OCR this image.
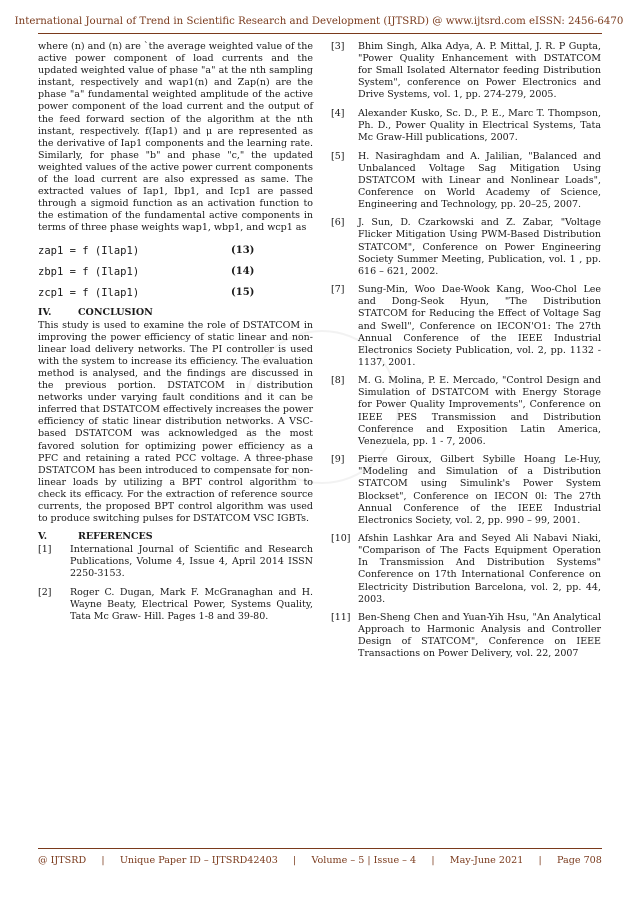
International Journal of Trend in Scientific Research and Development (IJTSRD) @ www.ijtsrd.com eISSN: 2456-6470

where (n) and (n) are `the average weighted value of the active power component of load currents and the updated weighted value of phase "a" at the nth sampling instant, respectively and wap1(n) and Zap(n) are the phase "a" fundamental weighted amplitude of the active power component of the load current and the output of the feed forward section of the algorithm at the nth instant, respectively. f(Iap1) and μ are represented as the derivative of Iap1 components and the learning rate. Similarly, for phase "b" and phase "c," the updated weighted values of the active power current components of the load current are also expressed as same. The extracted values of Iap1, Ibp1, and Icp1 are passed through a sigmoid function as an activation function to the estimation of the fundamental active components in terms of three phase weights wap1, wbp1, and wcp1 as

zap1 = f (Ilap1)	(13)
zbp1 = f (Ilap1)	(14)
zcp1 = f (Ilap1)	(15)
IV.	CONCLUSION

This study is used to examine the role of DSTATCOM in improving the power efficiency of static linear and non-linear load delivery networks. The PI controller is used with the system to increase its efficiency. The evaluation method is analysed, and the findings are discussed in the previous portion. DSTATCOM in distribution networks under varying fault conditions and it can be inferred that DSTATCOM effectively increases the power efficiency of static linear distribution networks. A VSC-based DSTATCOM was acknowledged as the most favored solution for optimizing power efficiency as a PFC and retaining a rated PCC voltage. A three-phase DSTATCOM has been introduced to compensate for non-linear loads by utilizing a BPT control algorithm to check its efficacy. For the extraction of reference source currents, the proposed BPT control algorithm was used to produce switching pulses for DSTATCOM VSC IGBTs.

V.	REFERENCES
[1]	International Journal of Scientific and Research Publications, Volume 4, Issue 4, April 2014 ISSN 2250-3153.
[2]	Roger C. Dugan, Mark F. McGranaghan and H. Wayne Beaty, Electrical Power, Systems Quality, Tata Mc Graw- Hill. Pages 1-8 and 39-80.
[3]	Bhim Singh, Alka Adya, A. P. Mittal, J. R. P Gupta, "Power Quality Enhancement with DSTATCOM for Small Isolated Alternator feeding Distribution System", conference on Power Electronics and Drive Systems, vol. 1, pp. 274-279, 2005.
[4]	Alexander Kusko, Sc. D., P. E., Marc T. Thompson, Ph. D., Power Quality in Electrical Systems, Tata Mc Graw-Hill publications, 2007.
[5]	H. Nasiraghdam and A. Jalilian, "Balanced and Unbalanced Voltage Sag Mitigation Using DSTATCOM with Linear and Nonlinear Loads", Conference on World Academy of Science, Engineering and Technology, pp. 20–25, 2007.
[6]	J. Sun, D. Czarkowski and Z. Zabar, "Voltage Flicker Mitigation Using PWM-Based Distribution STATCOM", Conference on Power Engineering Society Summer Meeting, Publication, vol. 1 , pp. 616 – 621, 2002.
[7]	Sung-Min, Woo Dae-Wook Kang, Woo-Chol Lee and Dong-Seok Hyun, "The Distribution STATCOM for Reducing the Effect of Voltage Sag and Swell", Conference on IECON'O1: The 27th Annual Conference of the IEEE Industrial Electronics Society Publication, vol. 2, pp. 1132 - 1137, 2001.
[8]	M. G. Molina, P. E. Mercado, "Control Design and Simulation of DSTATCOM with Energy Storage for Power Quality Improvements", Conference on IEEE PES Transmission and Distribution Conference and Exposition Latin America, Venezuela, pp. 1 - 7, 2006.
[9]	Pierre Giroux, Gilbert Sybille Hoang Le-Huy, "Modeling and Simulation of a Distribution STATCOM using Simulink's Power System Blockset", Conference on IECON 0l: The 27th Annual Conference of the IEEE Industrial Electronics Society, vol. 2, pp. 990 – 99, 2001.
[10] Afshin Lashkar Ara and Seyed Ali Nabavi Niaki, "Comparison of The Facts Equipment Operation In Transmission And Distribution Systems" Conference on 17th International Conference on Electricity Distribution Barcelona, vol. 2, pp. 44, 2003.
[11] Ben-Sheng Chen and Yuan-Yih Hsu, "An Analytical Approach to Harmonic Analysis and Controller Design of STATCOM", Conference on IEEE Transactions on Power Delivery, vol. 22, 2007
@ IJTSRD | Unique Paper ID – IJTSRD42403 | Volume – 5 | Issue – 4 | May-June 2021 | Page 708
